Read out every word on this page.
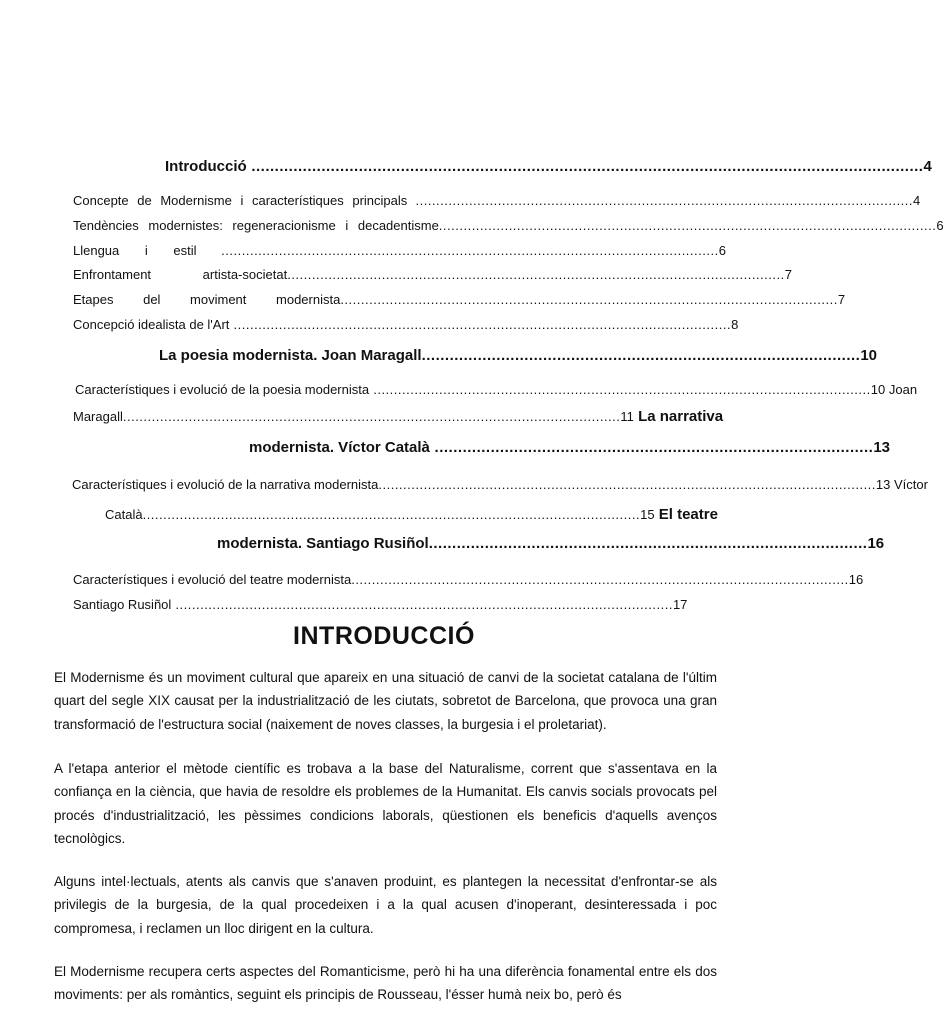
Introducció ................................................................................................................................................ 4
Concepte de Modernisme i característiques principals ......................................................................................................................... 4
Tendències modernistes: regeneracionisme i decadentisme ......................................................................................................................... 6
Llengua i estil ......................................................................................................................... 6
Enfrontament artista-societat ......................................................................................................................... 7
Etapes del moviment modernista ......................................................................................................................... 7
Concepció idealista de l'Art ......................................................................................................................... 8
La poesia modernista. Joan Maragall .............................................................................................. 10
Característiques i evolució de la poesia modernista ......................................................................................................................... 10 Joan
Maragall ......................................................................................................................... 11 La narrativa
modernista. Víctor Català .............................................................................................. 13
Característiques i evolució de la narrativa modernista ......................................................................................................................... 13 Víctor
Català ......................................................................................................................... 15 El teatre
modernista. Santiago Rusiñol .............................................................................................. 16
Característiques i evolució del teatre modernista ......................................................................................................................... 16
Santiago Rusiñol ......................................................................................................................... 17
INTRODUCCIÓ

El Modernisme és un moviment cultural que apareix en una situació de canvi de la societat catalana de l'últim quart del segle XIX causat per la industrialització de les ciutats, sobretot de Barcelona, que provoca una gran transformació de l'estructura social (naixement de noves classes, la burgesia i el proletariat).

A l'etapa anterior el mètode científic es trobava a la base del Naturalisme, corrent que s'assentava en la confiança en la ciència, que havia de resoldre els problemes de la Humanitat. Els canvis socials provocats pel procés d'industrialització, les pèssimes condicions laborals, qüestionen els beneficis d'aquells avenços tecnològics.

Alguns intel·lectuals, atents als canvis que s'anaven produint, es plantegen la necessitat d'enfrontar-se als privilegis de la burgesia, de la qual procedeixen i a la qual acusen d'inoperant, desinteressada i poc compromesa, i reclamen un lloc dirigent en la cultura.

El Modernisme recupera certs aspectes del Romanticisme, però hi ha una diferència fonamental entre els dos moviments: per als romàntics, seguint els principis de Rousseau, l'ésser humà neix bo, però és
